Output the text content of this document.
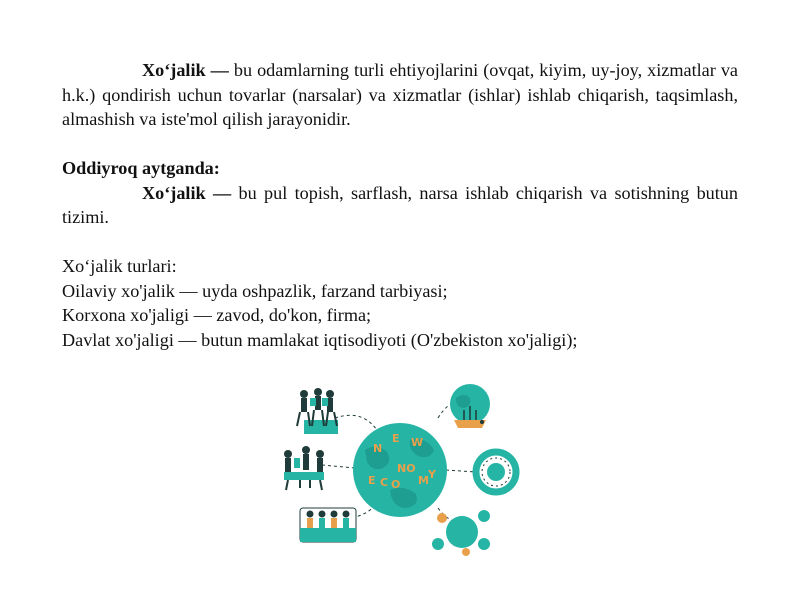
Xo‘jalik — bu odamlarning turli ehtiyojlarini (ovqat, kiyim, uy-joy, xizmatlar va h.k.) qondirish uchun tovarlar (narsalar) va xizmatlar (ishlar) ishlab chiqarish, taqsimlash, almashish va iste'mol qilish jarayonidir.

Oddiyroq aytganda:

Xo‘jalik — bu pul topish, sarflash, narsa ishlab chiqarish va sotishning butun tizimi.

Xo‘jalik turlari:

Oilaviy xo'jalik — uyda oshpazlik, farzand tarbiyasi;

Korxona xo'jaligi — zavod, do'kon, firma;

Davlat xo'jaligi — butun mamlakat iqtisodiyoti (O'zbekiston xo'jaligi);

N
E W
E C O
NO
M Y
